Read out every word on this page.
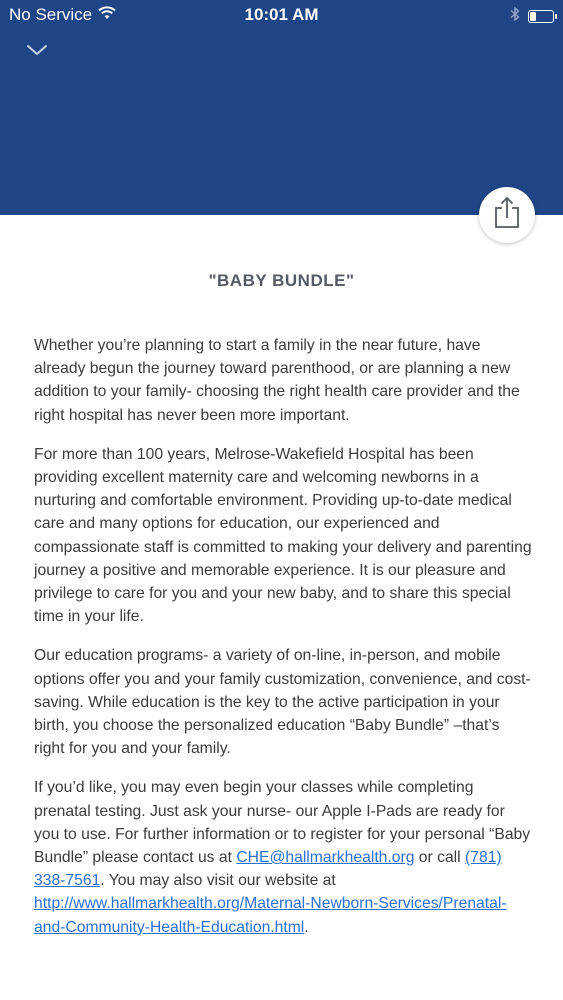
No Service	10:01 AM
"BABY BUNDLE"

Whether you’re planning to start a family in the near future, have already begun the journey toward parenthood, or are planning a new addition to your family- choosing the right health care provider and the right hospital has never been more important.

For more than 100 years, Melrose-Wakefield Hospital has been providing excellent maternity care and welcoming newborns in a nurturing and comfortable environment. Providing up-to-date medical care and many options for education, our experienced and compassionate staff is committed to making your delivery and parenting journey a positive and memorable experience. It is our pleasure and privilege to care for you and your new baby, and to share this special time in your life.

Our education programs- a variety of on-line, in-person, and mobile options offer you and your family customization, convenience, and cost-saving. While education is the key to the active participation in your birth, you choose the personalized education “Baby Bundle” –that’s right for you and your family.

If you’d like, you may even begin your classes while completing prenatal testing. Just ask your nurse- our Apple I-Pads are ready for you to use. For further information or to register for your personal “Baby Bundle” please contact us at CHE@hallmarkhealth.org or call (781) 338-7561. You may also visit our website at http://www.hallmarkhealth.org/Maternal-Newborn-Services/Prenatal-and-Community-Health-Education.html.
